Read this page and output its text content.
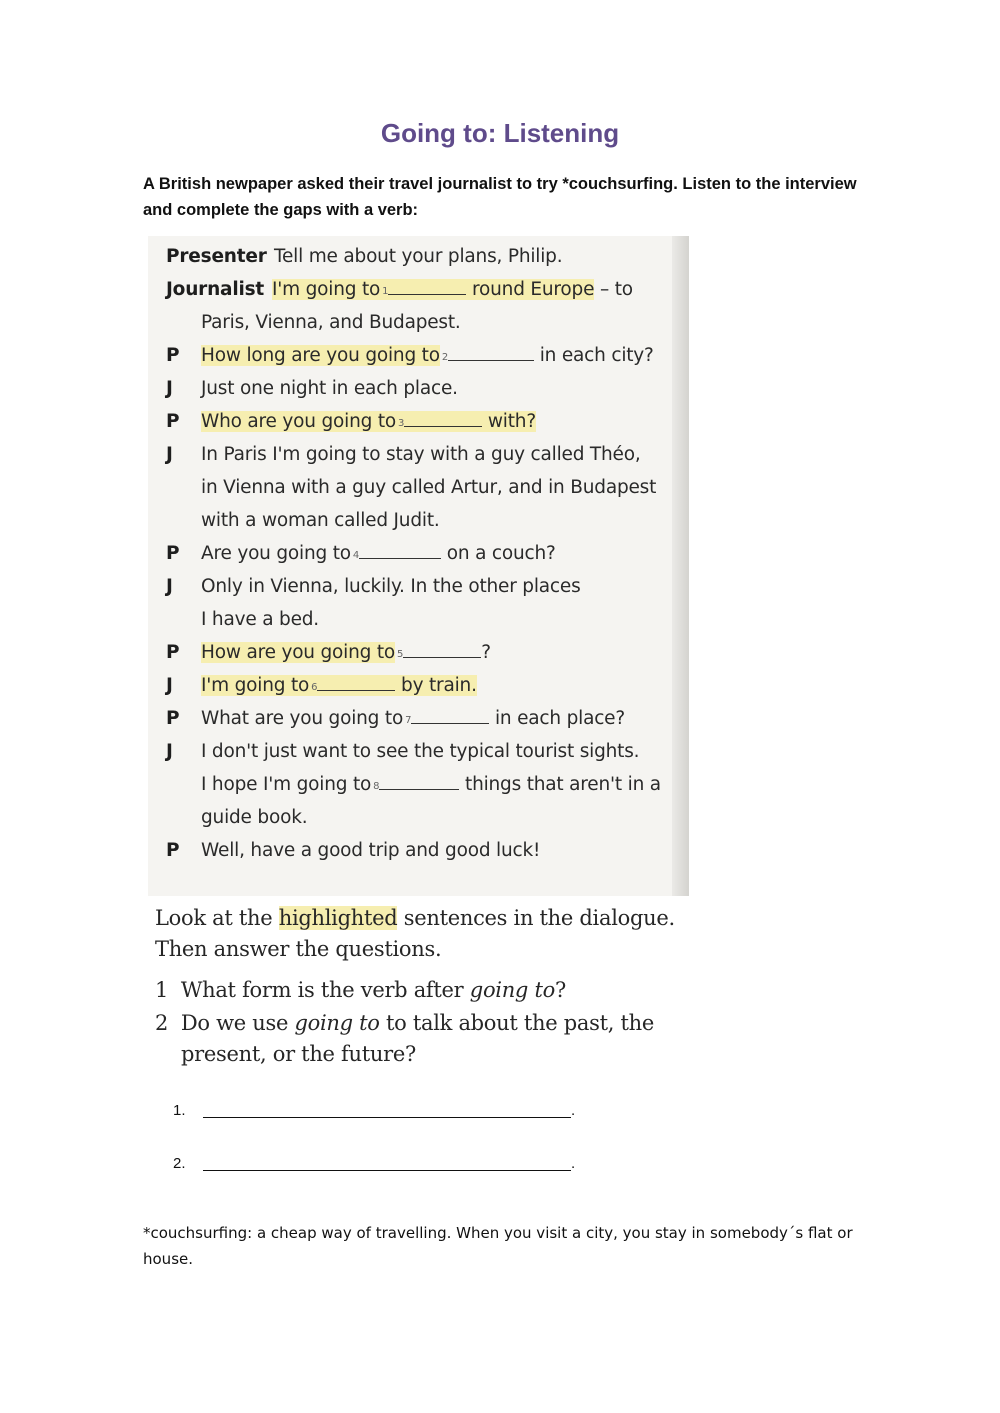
Going to: Listening
A British newpaper asked their travel journalist to try *couchsurfing. Listen to the interview and complete the gaps with a verb:
Presenter Tell me about your plans, Philip.
Journalist I'm going to 1	round Europe – to
Paris, Vienna, and Budapest.
P How long are you going to 2	in each city?
J Just one night in each place.
P Who are you going to 3	with?
J In Paris I'm going to stay with a guy called Théo,
in Vienna with a guy called Artur, and in Budapest
with a woman called Judit.
P Are you going to 4	on a couch?
J Only in Vienna, luckily. In the other places
I have a bed.
P How are you going to 5	?
J I'm going to 6	by train.
P What are you going to 7	in each place?
J I don't just want to see the typical tourist sights.
I hope I'm going to 8	things that aren't in a
guide book.
P Well, have a good trip and good luck!
Look at the highlighted sentences in the dialogue.
Then answer the questions.
1 What form is the verb after going to?
2 Do we use going to to talk about the past, the
present, or the future?
1.	.
2.	.
*couchsurfing: a cheap way of travelling. When you visit a city, you stay in somebody´s flat or house.
